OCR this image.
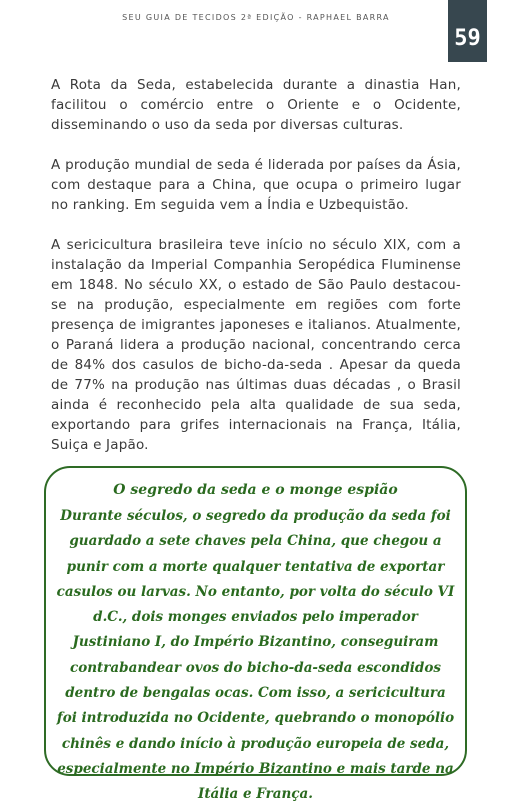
SEU GUIA DE TECIDOS 2ª EDIÇÃO - RAPHAEL BARRA
59

A Rota da Seda, estabelecida durante a dinastia Han, facilitou o comércio entre o Oriente e o Ocidente, disseminando o uso da seda por diversas culturas.

A produção mundial de seda é liderada por países da Ásia, com destaque para a China, que ocupa o primeiro lugar no ranking. Em seguida vem a Índia e Uzbequistão.

A sericicultura brasileira teve início no século XIX, com a instalação da Imperial Companhia Seropédica Fluminense em 1848. No século XX, o estado de São Paulo destacou-se na produção, especialmente em regiões com forte presença de imigrantes japoneses e italianos. Atualmente, o Paraná lidera a produção nacional, concentrando cerca de 84% dos casulos de bicho-da-seda . Apesar da queda de 77% na produção nas últimas duas décadas , o Brasil ainda é reconhecido pela alta qualidade de sua seda, exportando para grifes internacionais na França, Itália, Suiça e Japão.

O segredo da seda e o monge espião

Durante séculos, o segredo da produção da seda foi guardado a sete chaves pela China, que chegou a punir com a morte qualquer tentativa de exportar casulos ou larvas. No entanto, por volta do século VI d.C., dois monges enviados pelo imperador Justiniano I, do Império Bizantino, conseguiram contrabandear ovos do bicho-da-seda escondidos dentro de bengalas ocas. Com isso, a sericicultura foi introduzida no Ocidente, quebrando o monopólio chinês e dando início à produção europeia de seda, especialmente no Império Bizantino e mais tarde na Itália e França.
